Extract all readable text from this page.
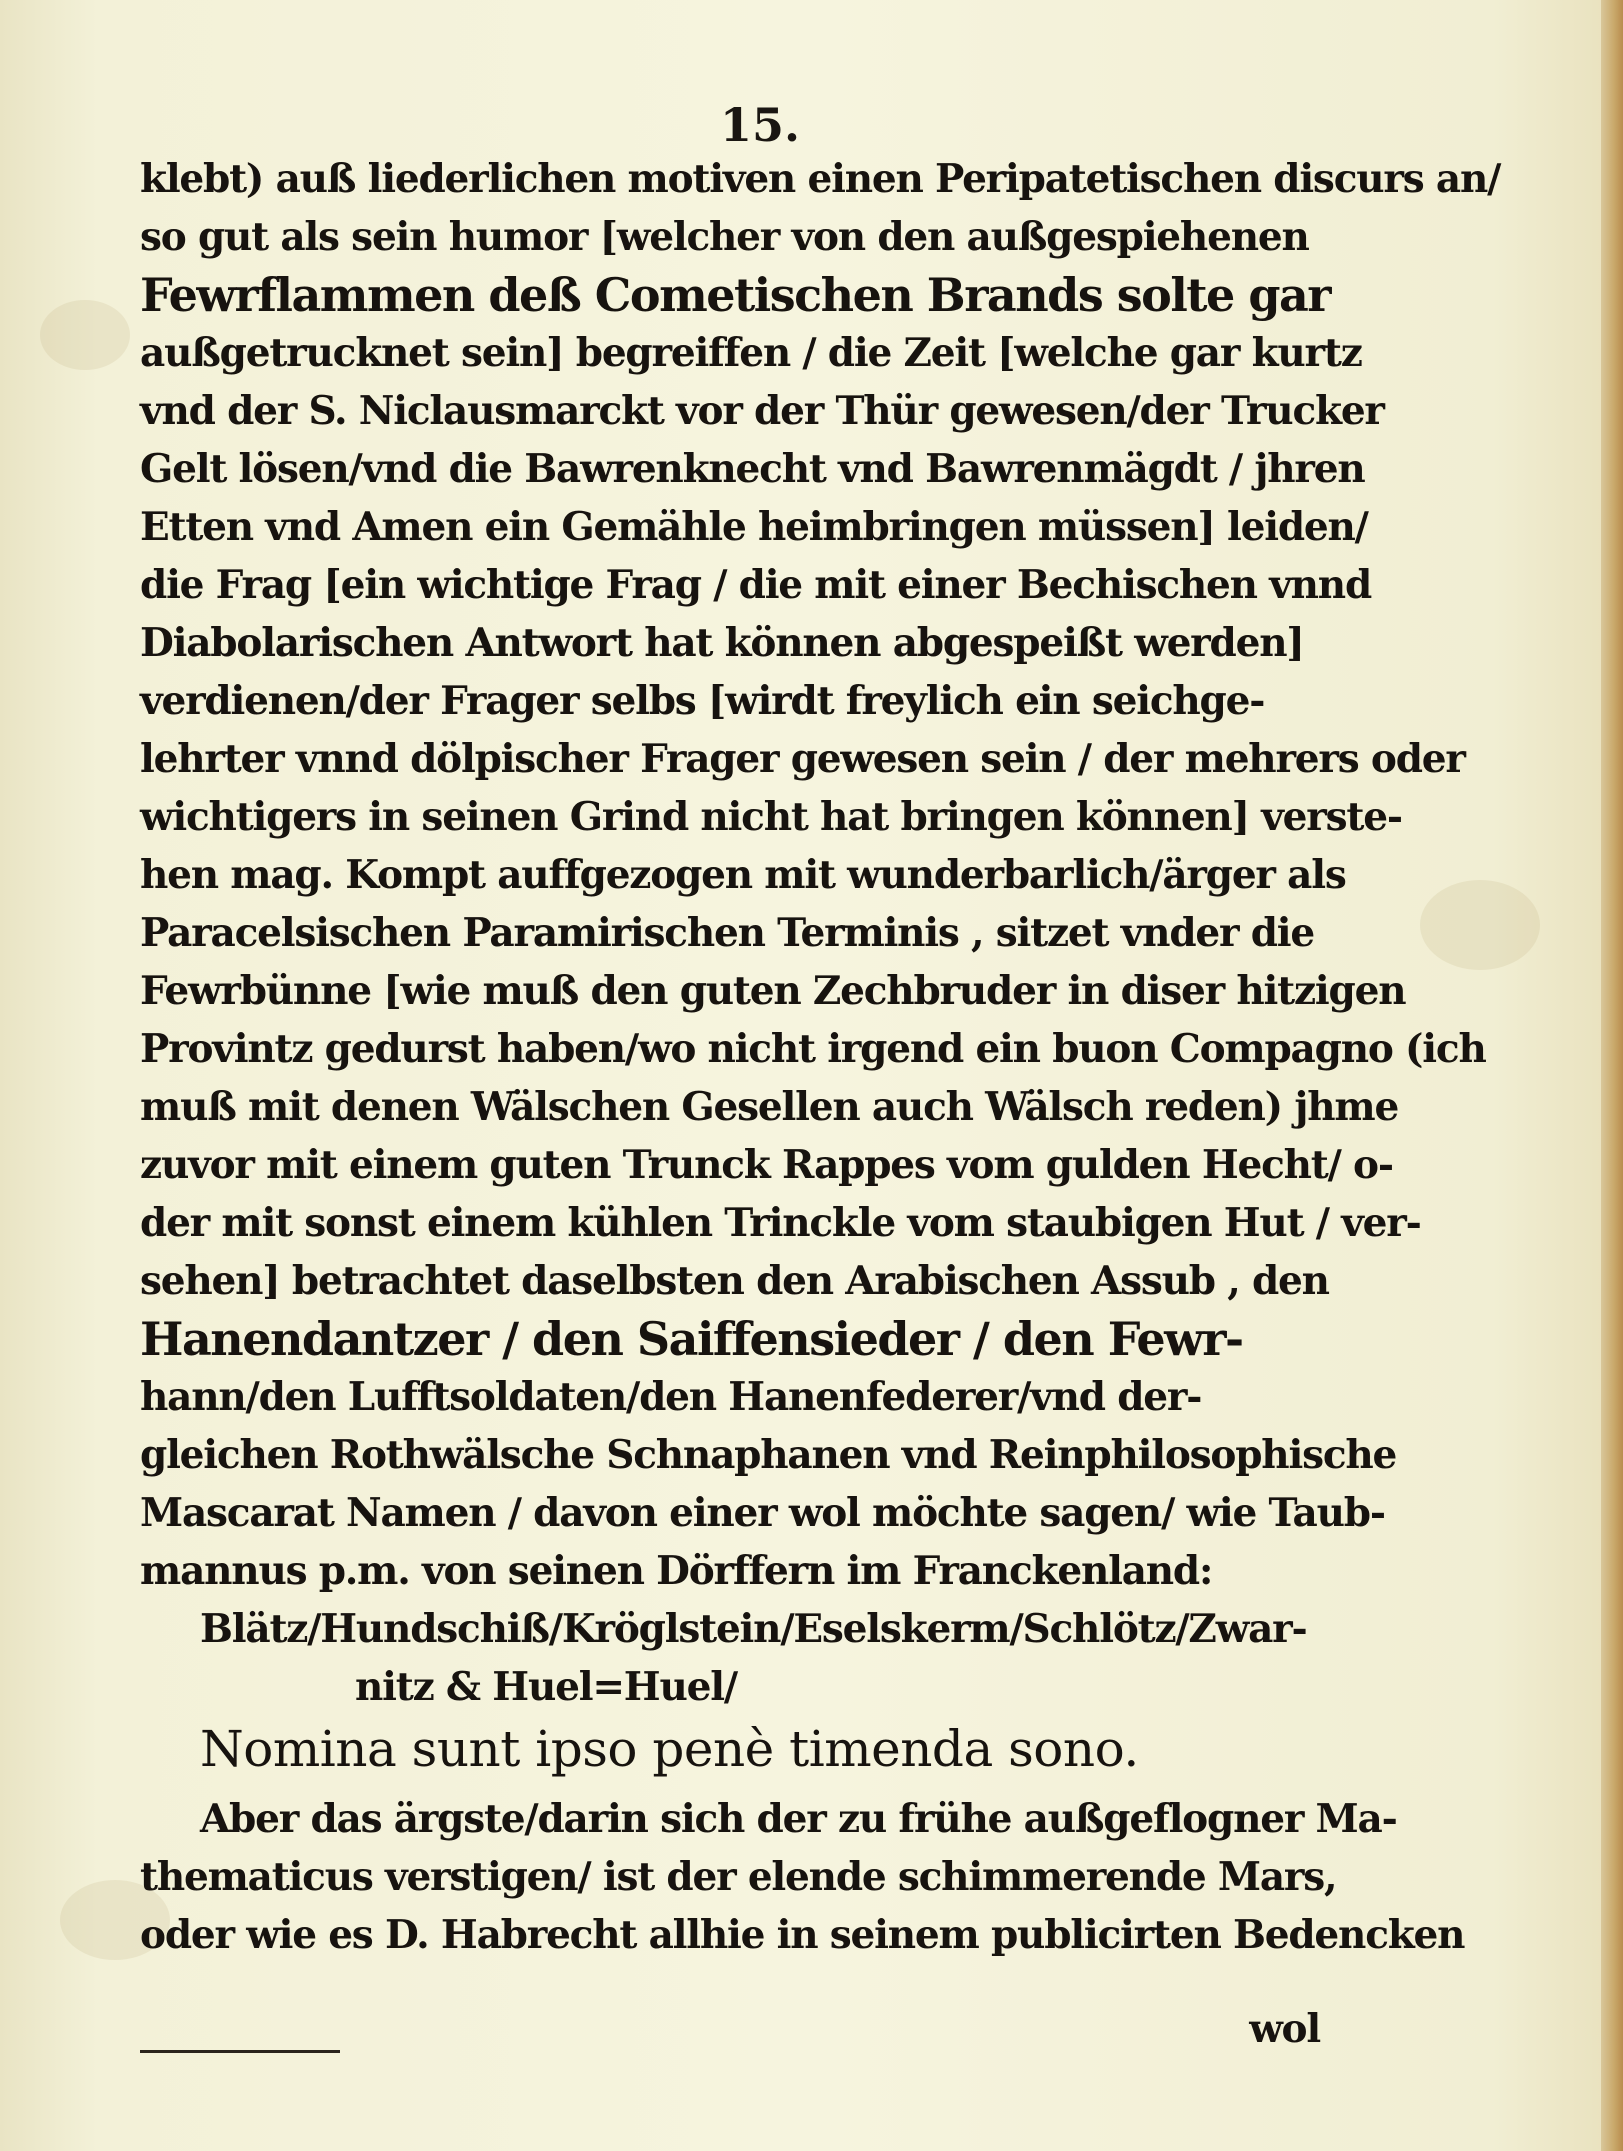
15.
klebt) auß liederlichen motiven einen Peripatetischen discurs an/
so gut als sein humor [welcher von den außgespiehenen
Fewrflammen deß Cometischen Brands solte gar
außgetrucknet sein] begreiffen / die Zeit [welche gar kurtz
vnd der S. Niclausmarckt vor der Thür gewesen/der Trucker
Gelt lösen/vnd die Bawrenknecht vnd Bawrenmägdt / jhren
Etten vnd Amen ein Gemähle heimbringen müssen] leiden/
die Frag [ein wichtige Frag / die mit einer Bechischen vnnd
Diabolarischen Antwort hat können abgespeißt werden]
verdienen/der Frager selbs [wirdt freylich ein seichge-
lehrter vnnd dölpischer Frager gewesen sein / der mehrers oder
wichtigers in seinen Grind nicht hat bringen können] verste-
hen mag. Kompt auffgezogen mit wunderbarlich/ärger als
Paracelsischen Paramirischen Terminis , sitzet vnder die
Fewrbünne [wie muß den guten Zechbruder in diser hitzigen
Provintz gedurst haben/wo nicht irgend ein buon Compagno (ich
muß mit denen Wälschen Gesellen auch Wälsch reden) jhme
zuvor mit einem guten Trunck Rappes vom gulden Hecht/ o-
der mit sonst einem kühlen Trinckle vom staubigen Hut / ver-
sehen] betrachtet daselbsten den Arabischen Assub , den
Hanendantzer / den Saiffensieder / den Fewr-
hann/den Lufftsoldaten/den Hanenfederer/vnd der-
gleichen Rothwälsche Schnaphanen vnd Reinphilosophische
Mascarat Namen / davon einer wol möchte sagen/ wie Taub-
mannus p.m. von seinen Dörffern im Franckenland:
Blätz/Hundschiß/Kröglstein/Eselskerm/Schlötz/Zwar-
nitz & Huel=Huel/
Nomina sunt ipso penè timenda sono.
Aber das ärgste/darin sich der zu frühe außgeflogner Ma-
thematicus verstigen/ ist der elende schimmerende Mars,
oder wie es D. Habrecht allhie in seinem publicirten Bedencken
wol
